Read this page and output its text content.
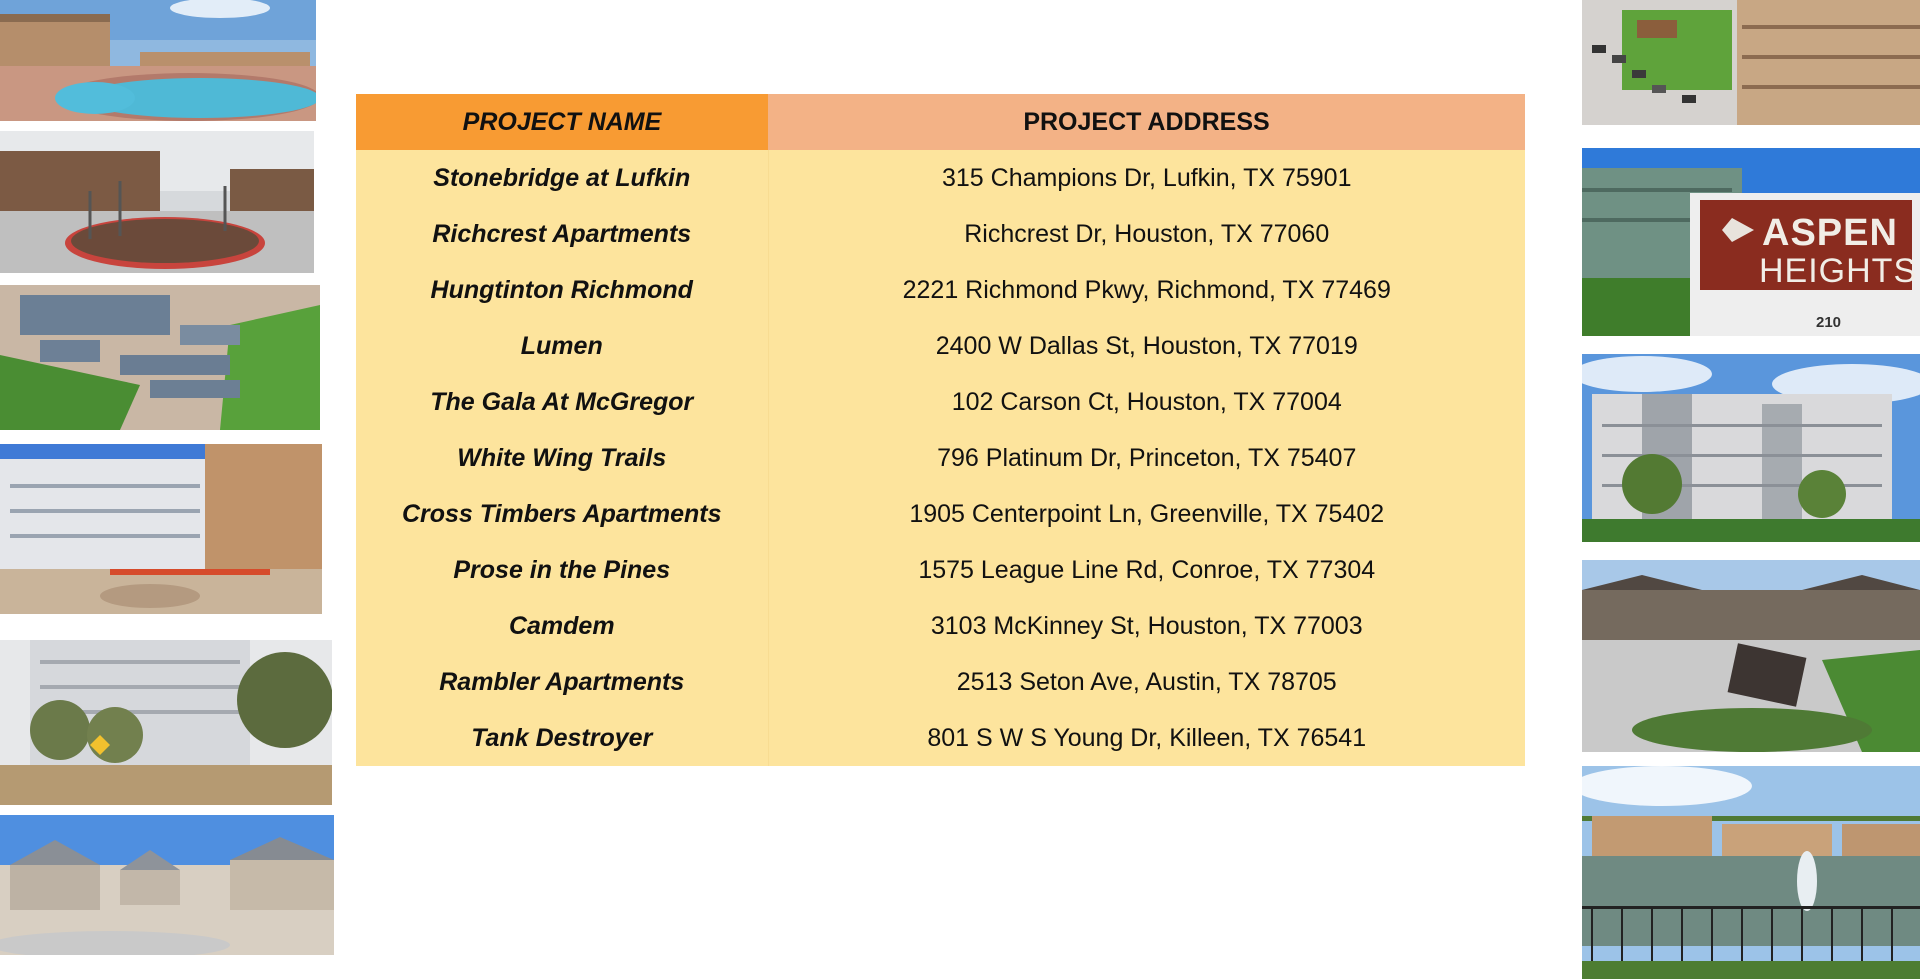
ASPEN
HEIGHTS
210
PROJECT NAME	PROJECT ADDRESS
Stonebridge at Lufkin	315 Champions Dr, Lufkin, TX 75901
Richcrest Apartments	Richcrest Dr, Houston, TX 77060
Hungtinton Richmond	2221 Richmond Pkwy, Richmond, TX 77469
Lumen	2400 W Dallas St, Houston, TX 77019
The Gala At McGregor	102 Carson Ct, Houston, TX 77004
White Wing Trails	796 Platinum Dr, Princeton, TX 75407
Cross Timbers Apartments	1905 Centerpoint Ln, Greenville, TX 75402
Prose in the Pines	1575 League Line Rd, Conroe, TX 77304
Camdem	3103 McKinney St, Houston, TX 77003
Rambler Apartments	2513 Seton Ave, Austin, TX 78705
Tank Destroyer	801 S W S Young Dr, Killeen, TX 76541
